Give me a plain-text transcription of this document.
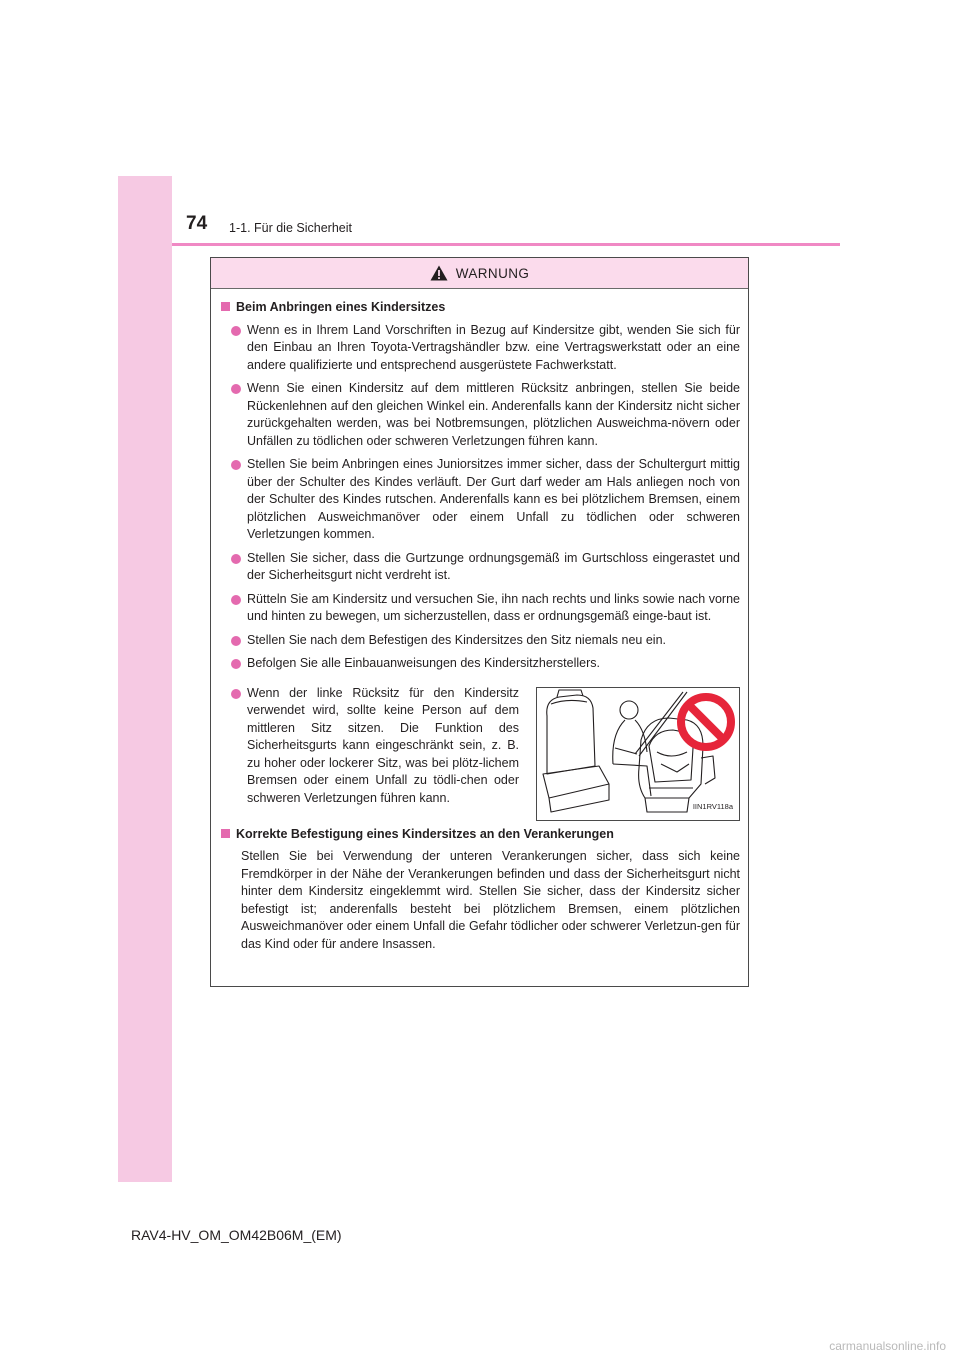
74 1-1. Für die Sicherheit
WARNUNG
Beim Anbringen eines Kindersitzes
Wenn es in Ihrem Land Vorschriften in Bezug auf Kindersitze gibt, wenden Sie sich für den Einbau an Ihren Toyota-Vertragshändler bzw. eine Vertragswerkstatt oder an eine andere qualifizierte und entsprechend ausgerüstete Fachwerkstatt.
Wenn Sie einen Kindersitz auf dem mittleren Rücksitz anbringen, stellen Sie beide Rückenlehnen auf den gleichen Winkel ein. Anderenfalls kann der Kindersitz nicht sicher zurückgehalten werden, was bei Notbremsungen, plötzlichen Ausweichma-növern oder Unfällen zu tödlichen oder schweren Verletzungen führen kann.
Stellen Sie beim Anbringen eines Juniorsitzes immer sicher, dass der Schultergurt mittig über der Schulter des Kindes verläuft. Der Gurt darf weder am Hals anliegen noch von der Schulter des Kindes rutschen. Anderenfalls kann es bei plötzlichem Bremsen, einem plötzlichen Ausweichmanöver oder einem Unfall zu tödlichen oder schweren Verletzungen kommen.
Stellen Sie sicher, dass die Gurtzunge ordnungsgemäß im Gurtschloss eingerastet und der Sicherheitsgurt nicht verdreht ist.
Rütteln Sie am Kindersitz und versuchen Sie, ihn nach rechts und links sowie nach vorne und hinten zu bewegen, um sicherzustellen, dass er ordnungsgemäß einge-baut ist.
Stellen Sie nach dem Befestigen des Kindersitzes den Sitz niemals neu ein.
Befolgen Sie alle Einbauanweisungen des Kindersitzherstellers.
Wenn der linke Rücksitz für den Kindersitz verwendet wird, sollte keine Person auf dem mittleren Sitz sitzen. Die Funktion des Sicherheitsgurts kann eingeschränkt sein, z. B. zu hoher oder lockerer Sitz, was bei plötz-lichem Bremsen oder einem Unfall zu tödli-chen oder schweren Verletzungen führen kann.
IIN1RV118a
Korrekte Befestigung eines Kindersitzes an den Verankerungen
Stellen Sie bei Verwendung der unteren Verankerungen sicher, dass sich keine Fremdkörper in der Nähe der Verankerungen befinden und dass der Sicherheitsgurt nicht hinter dem Kindersitz eingeklemmt wird. Stellen Sie sicher, dass der Kindersitz sicher befestigt ist; anderenfalls besteht bei plötzlichem Bremsen, einem plötzlichen Ausweichmanöver oder einem Unfall die Gefahr tödlicher oder schwerer Verletzun-gen für das Kind oder für andere Insassen.
RAV4-HV_OM_OM42B06M_(EM)
carmanualsonline.info
